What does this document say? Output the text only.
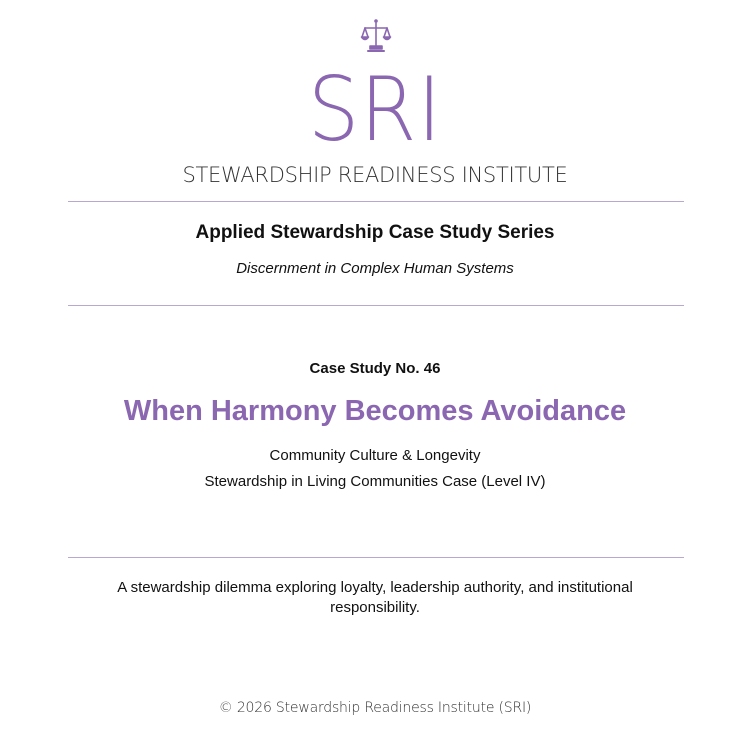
SRI
STEWARDSHIP READINESS INSTITUTE
Applied Stewardship Case Study Series
Discernment in Complex Human Systems
Case Study No. 46
When Harmony Becomes Avoidance
Community Culture & Longevity
Stewardship in Living Communities Case (Level IV)
A stewardship dilemma exploring loyalty, leadership authority, and institutional responsibility.
© 2026 Stewardship Readiness Institute (SRI)
